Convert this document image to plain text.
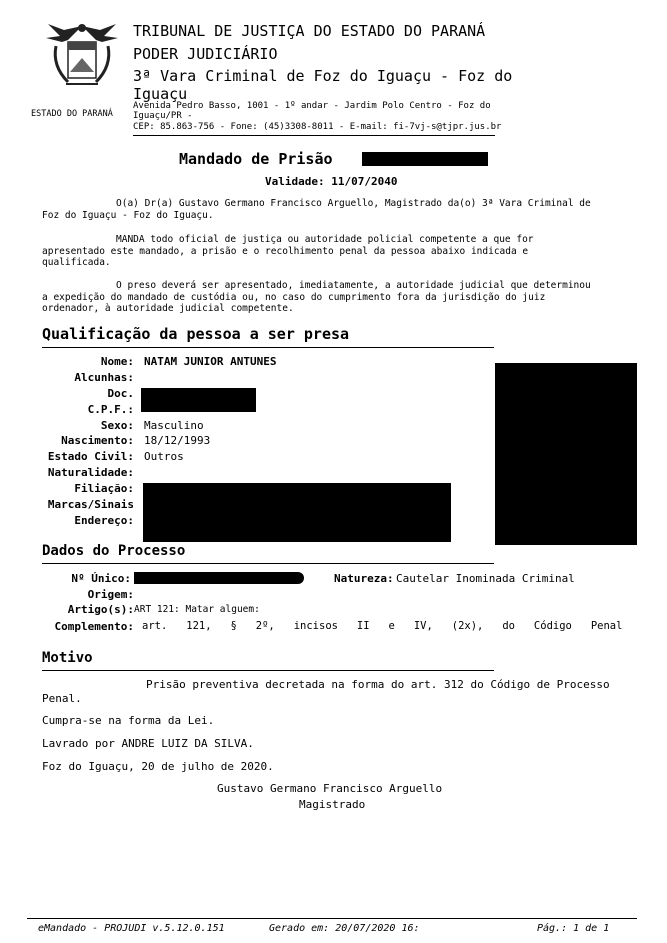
ESTADO DO PARANÁ
TRIBUNAL DE JUSTIÇA DO ESTADO DO PARANÁ
PODER JUDICIÁRIO
3ª Vara Criminal de Foz do Iguaçu - Foz do
Iguaçu
Avenida Pedro Basso, 1001 - 1º andar - Jardim Polo Centro - Foz do
Iguaçu/PR -
CEP: 85.863-756 - Fone: (45)3308-8011 - E-mail: fi-7vj-s@tjpr.jus.br
Mandado de Prisão
Validade: 11/07/2040
O(a) Dr(a) Gustavo Germano Francisco Arguello, Magistrado da(o) 3ª Vara Criminal de
Foz do Iguaçu - Foz do Iguaçu.
MANDA todo oficial de justiça ou autoridade policial competente a que for
apresentado este mandado, a prisão e o recolhimento penal da pessoa abaixo indicada e
qualificada.
O preso deverá ser apresentado, imediatamente, a autoridade judicial que determinou
a expedição do mandado de custódia ou, no caso do cumprimento fora da jurisdição do juiz
ordenador, à autoridade judicial competente.
Qualificação da pessoa a ser presa
Nome: NATAM JUNIOR ANTUNES
Alcunhas:
Doc.
C.P.F.:
Sexo: Masculino
Nascimento: 18/12/1993
Estado Civil: Outros
Naturalidade:
Filiação:
Marcas/Sinais
Endereço:
Dados do Processo
Nº Único:	Natureza: Cautelar Inominada Criminal
Origem:
Artigo(s): ART 121: Matar alguem:
Complemento: art.   121,   §   2º,   incisos   II   e   IV,   (2x),   do   Código   Penal
Motivo
Prisão preventiva decretada na forma do art. 312 do Código de Processo
Penal.
Cumpra-se na forma da Lei.
Lavrado por ANDRE LUIZ DA SILVA.
Foz do Iguaçu, 20 de julho de 2020.
Gustavo Germano Francisco Arguello
Magistrado
eMandado - PROJUDI v.5.12.0.151	Gerado em: 20/07/2020 16:	Pág.: 1 de 1
